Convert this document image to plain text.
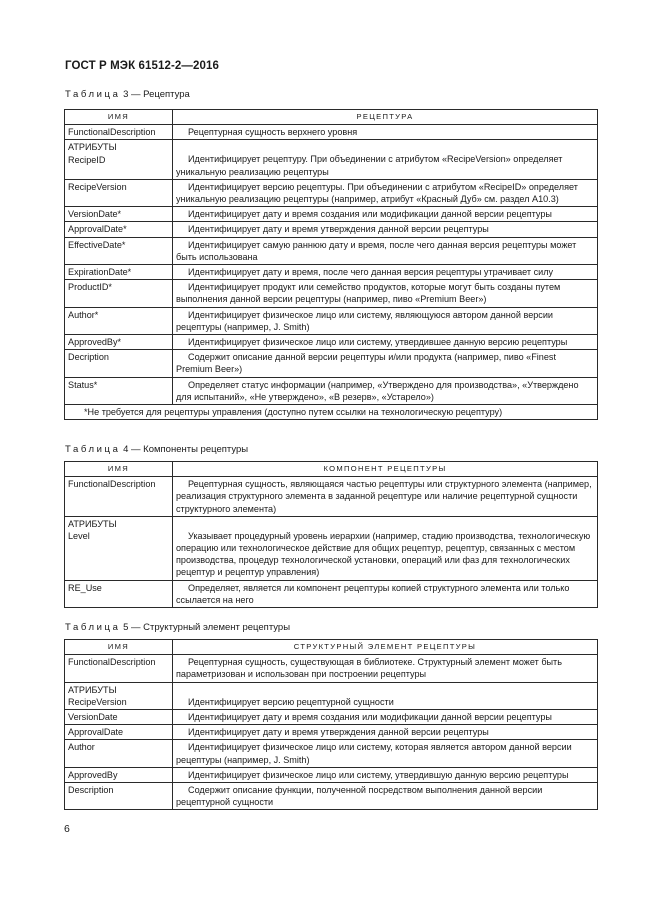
ГОСТ Р МЭК 61512-2—2016
Таблица 3 — Рецептура
ИМЯ	РЕЦЕПТУРА
FunctionalDescription	Рецептурная сущность верхнего уровня

АТРИБУТЫ
RecipeID	Идентифицирует рецептуру. При объединении с атрибутом «RecipeVersion» определяет уникальную реализацию рецептуры
RecipeVersion	Идентифицирует версию рецептуры. При объединении с атрибутом «RecipeID» определяет уникальную реализацию рецептуры (например, атрибут «Красный Дуб» см. раздел A10.3)
VersionDate*	Идентифицирует дату и время создания или модификации данной версии рецептуры
ApprovalDate*	Идентифицирует дату и время утверждения данной версии рецептуры
EffectiveDate*	Идентифицирует самую раннюю дату и время, после чего данная версия рецептуры может быть использована
ExpirationDate*	Идентифицирует дату и время, после чего данная версия рецептуры утрачивает силу
ProductID*	Идентифицирует продукт или семейство продуктов, которые могут быть созданы путем выполнения данной версии рецептуры (например, пиво «Premium Beer»)
Author*	Идентифицирует физическое лицо или систему, являющуюся автором данной версии рецептуры (например, J. Smith)
ApprovedBy*	Идентифицирует физическое лицо или систему, утвердившее данную версию рецептуры
Decription	Содержит описание данной версии рецептуры и/или продукта (например, пиво «Finest Premium Beer»)
Status*	Определяет статус информации (например, «Утверждено для производства», «Утверждено для испытаний», «Не утверждено», «В резерв», «Устарело»)
*Не требуется для рецептуры управления (доступно путем ссылки на технологическую рецептуру)	
Таблица 4 — Компоненты рецептуры
ИМЯ	КОМПОНЕНТ РЕЦЕПТУРЫ
FunctionalDescription	Рецептурная сущность, являющаяся частью рецептуры или структурного элемента (например, реализация структурного элемента в заданной рецептуре или наличие рецептурной сущности структурного элемента)

АТРИБУТЫ
Level	Указывает процедурный уровень иерархии (например, стадию производства, технологическую операцию или технологическое действие для общих рецептур, рецептур, связанных с местом производства, процедур технологической установки, операций или фаз для технологических рецептур и рецептур управления)
RE_Use	Определяет, является ли компонент рецептуры копией структурного элемента или только ссылается на него
Таблица 5 — Структурный элемент рецептуры
ИМЯ	СТРУКТУРНЫЙ ЭЛЕМЕНТ РЕЦЕПТУРЫ
FunctionalDescription	Рецептурная сущность, существующая в библиотеке. Структурный элемент может быть параметризован и использован при построении рецептуры

АТРИБУТЫ
RecipeVersion	Идентифицирует версию рецептурной сущности
VersionDate	Идентифицирует дату и время создания или модификации данной версии рецептуры
ApprovalDate	Идентифицирует дату и время утверждения данной версии рецептуры
Author	Идентифицирует физическое лицо или систему, которая является автором данной версии рецептуры (например, J. Smith)
ApprovedBy	Идентифицирует физическое лицо или систему, утвердившую данную версию рецептуры
Description	Содержит описание функции, полученной посредством выполнения данной версии рецептурной сущности
6
